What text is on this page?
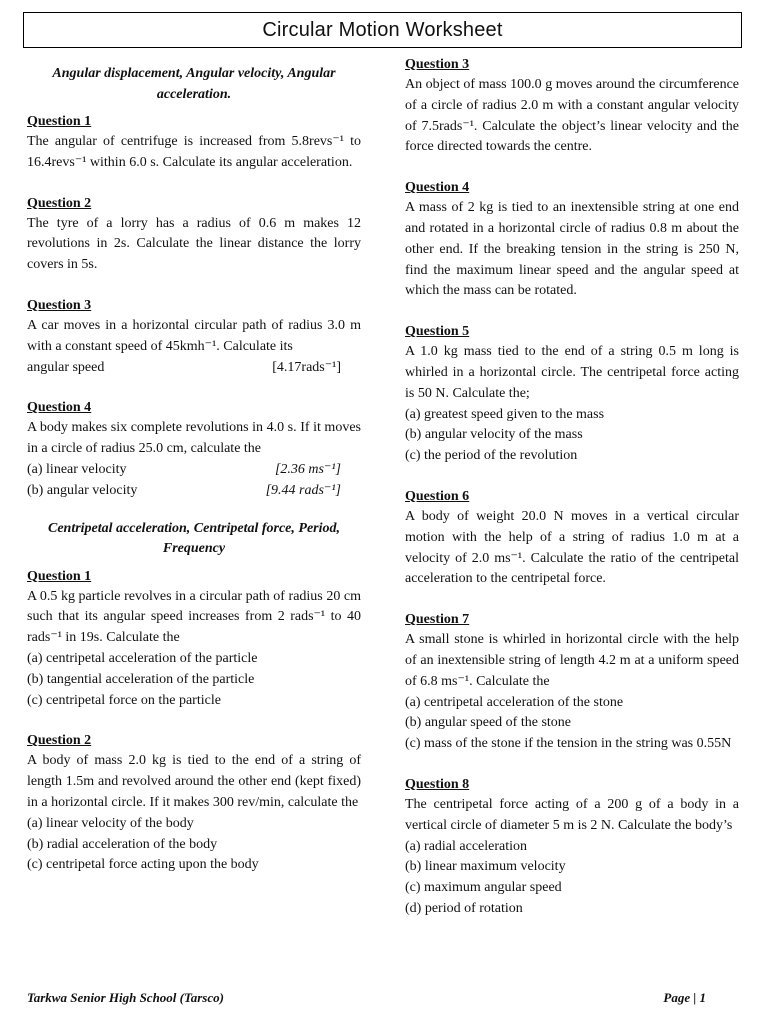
Circular Motion Worksheet
Angular displacement, Angular velocity, Angular acceleration.
Question 1

The angular of centrifuge is increased from 5.8revs⁻¹ to 16.4revs⁻¹ within 6.0 s. Calculate its angular acceleration.

Question 2

The tyre of a lorry has a radius of 0.6 m makes 12 revolutions in 2s. Calculate the linear distance the lorry covers in 5s.

Question 3

A car moves in a horizontal circular path of radius 3.0 m with a constant speed of 45kmh⁻¹. Calculate its

angular speed	[4.17rads⁻¹]
Question 4

A body makes six complete revolutions in 4.0 s. If it moves in a circle of radius 25.0 cm, calculate the

(a) linear velocity	[2.36 ms⁻¹]
(b) angular velocity	[9.44 rads⁻¹]
Centripetal acceleration, Centripetal force, Period, Frequency
Question 1

A 0.5 kg particle revolves in a circular path of radius 20 cm such that its angular speed increases from 2 rads⁻¹ to 40 rads⁻¹ in 19s. Calculate the

(a) centripetal acceleration of the particle

(b) tangential acceleration of the particle

(c) centripetal force on the particle

Question 2

A body of mass 2.0 kg is tied to the end of a string of length 1.5m and revolved around the other end (kept fixed) in a horizontal circle. If it makes 300 rev/min, calculate the

(a) linear velocity of the body

(b) radial acceleration of the body

(c) centripetal force acting upon the body

Question 3

An object of mass 100.0 g moves around the circumference of a circle of radius 2.0 m with a constant angular velocity of 7.5rads⁻¹. Calculate the object’s linear velocity and the force directed towards the centre.

Question 4

A mass of 2 kg is tied to an inextensible string at one end and rotated in a horizontal circle of radius 0.8 m about the other end. If the breaking tension in the string is 250 N, find the maximum linear speed and the angular speed at which the mass can be rotated.

Question 5

A 1.0 kg mass tied to the end of a string 0.5 m long is whirled in a horizontal circle. The centripetal force acting is 50 N. Calculate the;

(a) greatest speed given to the mass

(b) angular velocity of the mass

(c) the period of the revolution

Question 6

A body of weight 20.0 N moves in a vertical circular motion with the help of a string of radius 1.0 m at a velocity of 2.0 ms⁻¹. Calculate the ratio of the centripetal acceleration to the centripetal force.

Question 7

A small stone is whirled in horizontal circle with the help of an inextensible string of length 4.2 m at a uniform speed of 6.8 ms⁻¹. Calculate the

(a) centripetal acceleration of the stone

(b) angular speed of the stone

(c) mass of the stone if the tension in the string was 0.55N

Question 8

The centripetal force acting of a 200 g of a body in a vertical circle of diameter 5 m is 2 N. Calculate the body’s

(a) radial acceleration

(b) linear maximum velocity

(c) maximum angular speed

(d) period of rotation

Tarkwa Senior High School (Tarsco)	Page | 1
